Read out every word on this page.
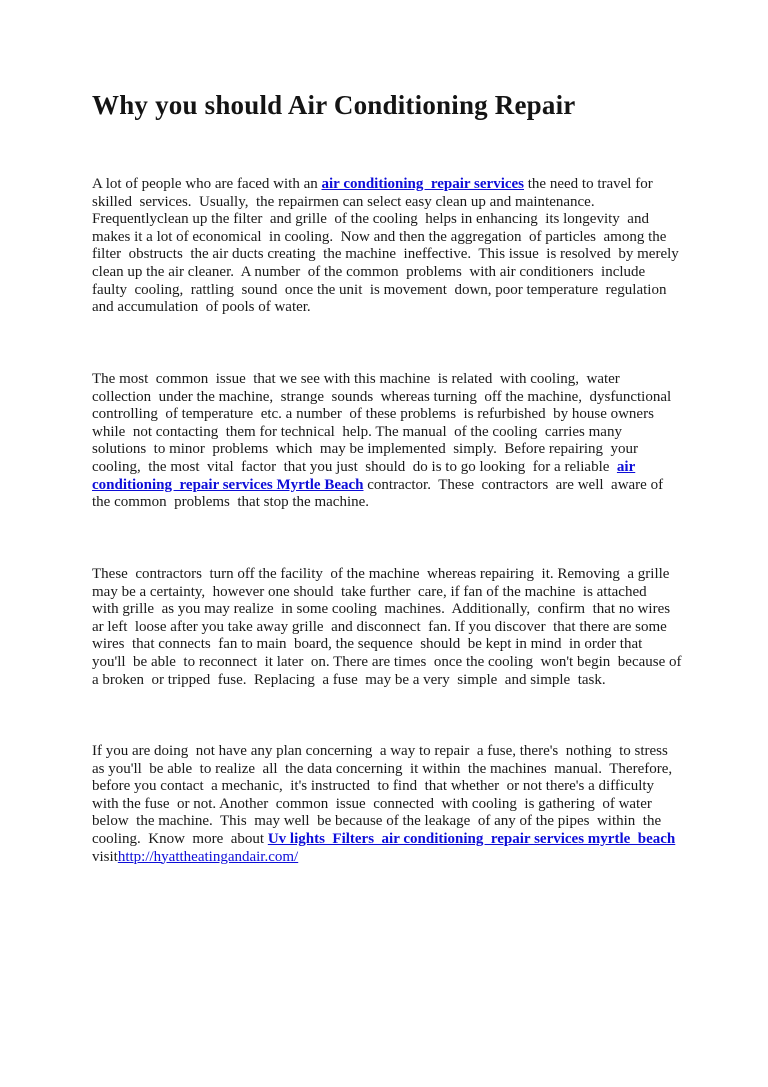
Why you should Air Conditioning Repair
A lot of people who are faced with an air conditioning  repair services the need to travel for
skilled  services.  Usually,  the repairmen can select easy clean up and maintenance.
Frequentlyclean up the filter  and grille  of the cooling  helps in enhancing  its longevity  and
makes it a lot of economical  in cooling.  Now and then the aggregation  of particles  among the
filter  obstructs  the air ducts creating  the machine  ineffective.  This issue  is resolved  by merely
clean up the air cleaner.  A number  of the common  problems  with air conditioners  include
faulty  cooling,  rattling  sound  once the unit  is movement  down, poor temperature  regulation
and accumulation  of pools of water.
The most  common  issue  that we see with this machine  is related  with cooling,  water
collection  under the machine,  strange  sounds  whereas turning  off the machine,  dysfunctional
controlling  of temperature  etc. a number  of these problems  is refurbished  by house owners
while  not contacting  them for technical  help. The manual  of the cooling  carries many
solutions  to minor  problems  which  may be implemented  simply.  Before repairing  your
cooling,  the most  vital  factor  that you just  should  do is to go looking  for a reliable  air
conditioning  repair services Myrtle Beach contractor.  These  contractors  are well  aware of
the common  problems  that stop the machine.
These  contractors  turn off the facility  of the machine  whereas repairing  it. Removing  a grille
may be a certainty,  however one should  take further  care, if fan of the machine  is attached
with grille  as you may realize  in some cooling  machines.  Additionally,  confirm  that no wires
ar left  loose after you take away grille  and disconnect  fan. If you discover  that there are some
wires  that connects  fan to main  board, the sequence  should  be kept in mind  in order that
you'll  be able  to reconnect  it later  on. There are times  once the cooling  won't begin  because of
a broken  or tripped  fuse.  Replacing  a fuse  may be a very  simple  and simple  task.
If you are doing  not have any plan concerning  a way to repair  a fuse, there's  nothing  to stress
as you'll  be able  to realize  all  the data concerning  it within  the machines  manual.  Therefore,
before you contact  a mechanic,  it's instructed  to find  that whether  or not there's a difficulty
with the fuse  or not. Another  common  issue  connected  with cooling  is gathering  of water
below  the machine.  This  may well  be because of the leakage  of any of the pipes  within  the
cooling.  Know  more  about Uv lights  Filters  air conditioning  repair services myrtle  beach
visithttp://hyattheatingandair.com/
